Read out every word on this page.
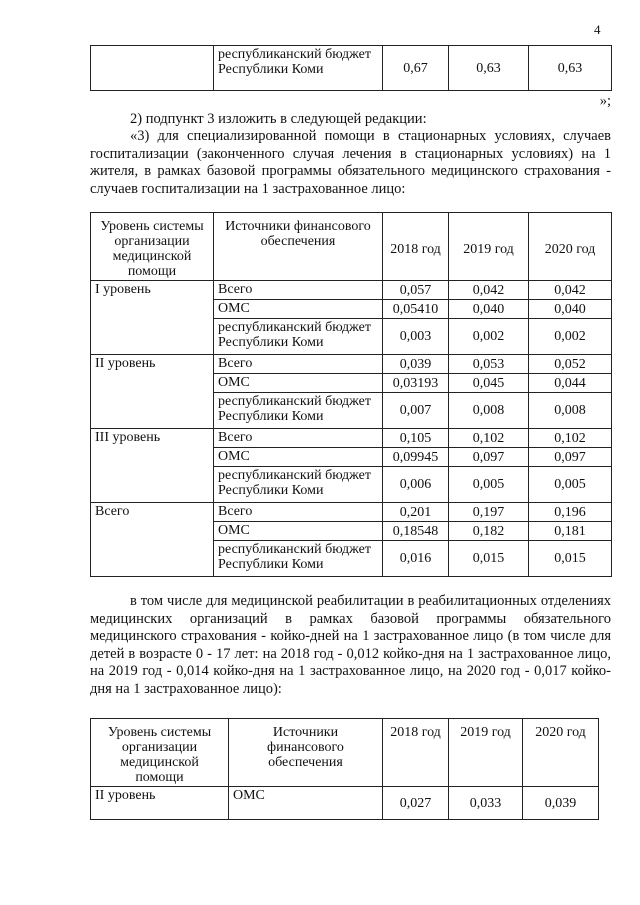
4
	республиканский бюджет Республики Коми	0,67	0,63	0,63
»;

2) подпункт 3 изложить в следующей редакции:

«3) для специализированной помощи в стационарных условиях, случаев госпитализации (законченного случая лечения в стационарных условиях) на 1 жителя, в рамках базовой программы обязательного медицинского страхования - случаев госпитализации на 1 застрахованное лицо:

Уровень системы организации медицинской помощи	Источники финансового обеспечения	2018 год	2019 год	2020 год
I уровень	Всего	0,057	0,042	0,042
	ОМС	0,05410	0,040	0,040
	республиканский бюджет Республики Коми	0,003	0,002	0,002
II уровень	Всего	0,039	0,053	0,052
	ОМС	0,03193	0,045	0,044
	республиканский бюджет Республики Коми	0,007	0,008	0,008
III уровень	Всего	0,105	0,102	0,102
	ОМС	0,09945	0,097	0,097
	республиканский бюджет Республики Коми	0,006	0,005	0,005
Всего	Всего	0,201	0,197	0,196
	ОМС	0,18548	0,182	0,181
	республиканский бюджет Республики Коми	0,016	0,015	0,015

в том числе для медицинской реабилитации в реабилитационных отделениях медицинских организаций в рамках базовой программы обязательного медицинского страхования - койко-дней на 1 застрахованное лицо (в том числе для детей в возрасте 0 - 17 лет: на 2018 год - 0,012 койко-дня на 1 застрахованное лицо, на 2019 год - 0,014 койко-дня на 1 застрахованное лицо, на 2020 год - 0,017 койко-дня на 1 застрахованное лицо):

Уровень системы организации медицинской помощи	Источники финансового обеспечения	2018 год	2019 год	2020 год
II уровень	ОМС	0,027	0,033	0,039
